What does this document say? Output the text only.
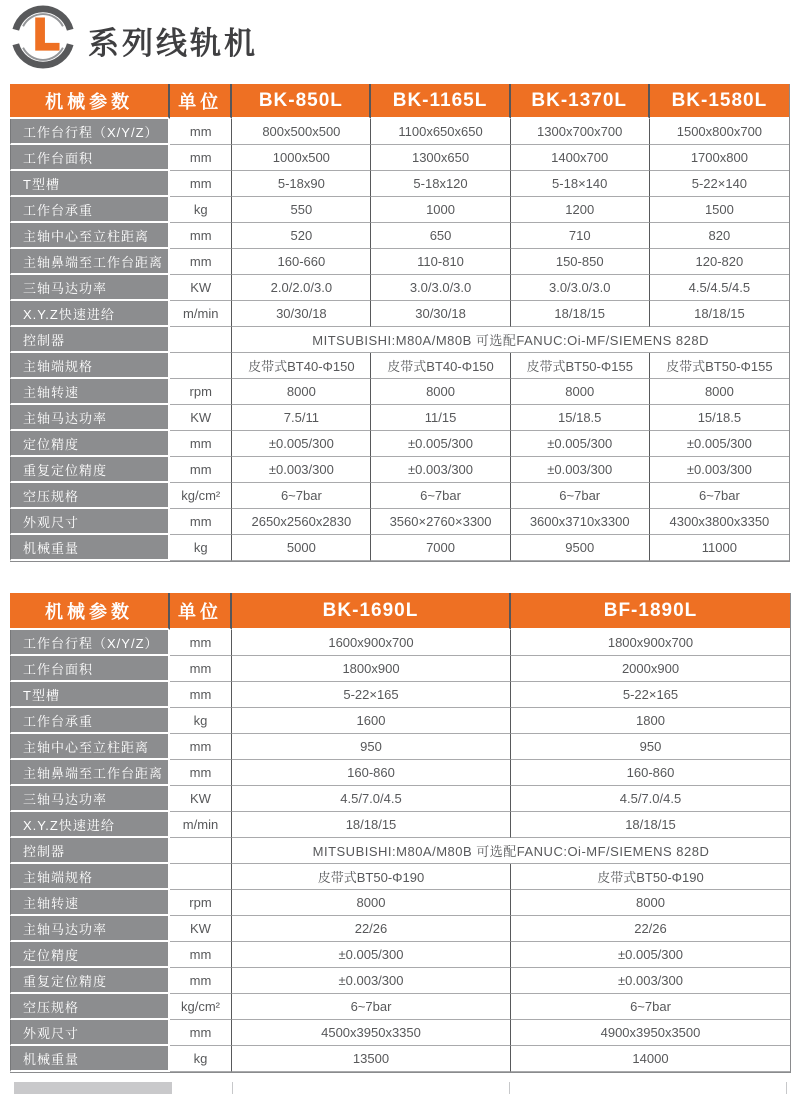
系列线轨机
机械参数	单位	BK-850L	BK-1165L	BK-1370L	BK-1580L
工作台行程（X/Y/Z）	mm	800x500x500	1100x650x650	1300x700x700	1500x800x700
工作台面积	mm	1000x500	1300x650	1400x700	1700x800
T型槽	mm	5-18x90	5-18x120	5-18×140	5-22×140
工作台承重	kg	550	1000	1200	1500
主轴中心至立柱距离	mm	520	650	710	820
主轴鼻端至工作台距离	mm	160-660	110-810	150-850	120-820
三轴马达功率	KW	2.0/2.0/3.0	3.0/3.0/3.0	3.0/3.0/3.0	4.5/4.5/4.5
X.Y.Z快速进给	m/min	30/30/18	30/30/18	18/18/15	18/18/15
控制器		MITSUBISHI:M80A/M80B 可选配FANUC:Oi-MF/SIEMENS 828D			
主轴端规格		皮带式BT40-Φ150	皮带式BT40-Φ150	皮带式BT50-Φ155	皮带式BT50-Φ155
主轴转速	rpm	8000	8000	8000	8000
主轴马达功率	KW	7.5/11	11/15	15/18.5	15/18.5
定位精度	mm	±0.005/300	±0.005/300	±0.005/300	±0.005/300
重复定位精度	mm	±0.003/300	±0.003/300	±0.003/300	±0.003/300
空压规格	kg/cm²	6~7bar	6~7bar	6~7bar	6~7bar
外观尺寸	mm	2650x2560x2830	3560×2760×3300	3600x3710x3300	4300x3800x3350
机械重量	kg	5000	7000	9500	11000
机械参数	单位	BK-1690L	BF-1890L
工作台行程（X/Y/Z）	mm	1600x900x700	1800x900x700
工作台面积	mm	1800x900	2000x900
T型槽	mm	5-22×165	5-22×165
工作台承重	kg	1600	1800
主轴中心至立柱距离	mm	950	950
主轴鼻端至工作台距离	mm	160-860	160-860
三轴马达功率	KW	4.5/7.0/4.5	4.5/7.0/4.5
X.Y.Z快速进给	m/min	18/18/15	18/18/15
控制器		MITSUBISHI:M80A/M80B 可选配FANUC:Oi-MF/SIEMENS 828D	
主轴端规格		皮带式BT50-Φ190	皮带式BT50-Φ190
主轴转速	rpm	8000	8000
主轴马达功率	KW	22/26	22/26
定位精度	mm	±0.005/300	±0.005/300
重复定位精度	mm	±0.003/300	±0.003/300
空压规格	kg/cm²	6~7bar	6~7bar
外观尺寸	mm	4500x3950x3350	4900x3950x3500
机械重量	kg	13500	14000
